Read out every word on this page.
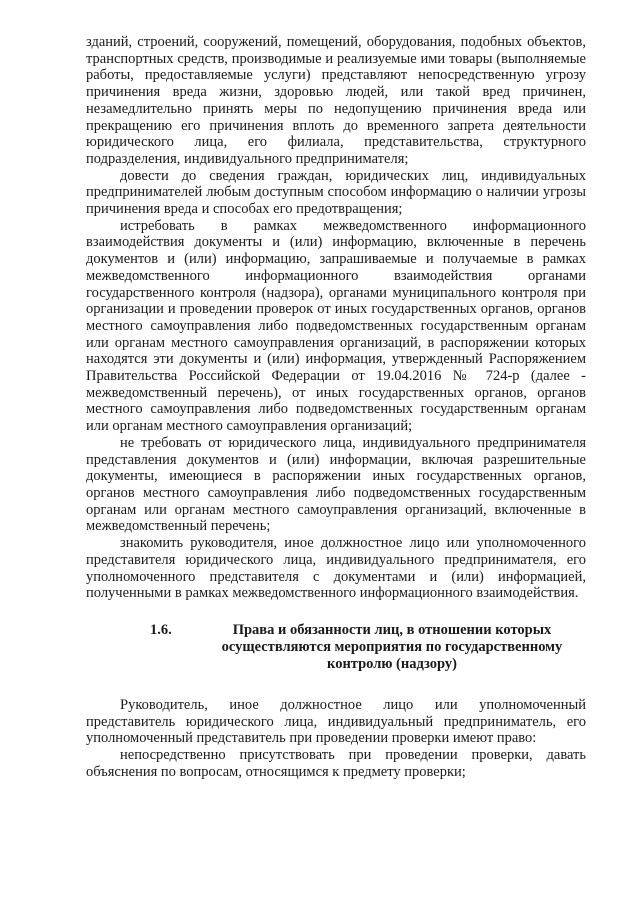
зданий, строений, сооружений, помещений, оборудования, подобных объектов, транспортных средств, производимые и реализуемые ими товары (выполняемые работы, предоставляемые услуги) представляют непосредственную угрозу причинения вреда жизни, здоровью людей, или такой вред причинен, незамедлительно принять меры по недопущению причинения вреда или прекращению его причинения вплоть до временного запрета деятельности юридического лица, его филиала, представительства, структурного подразделения, индивидуального предпринимателя;

довести до сведения граждан, юридических лиц, индивидуальных предпринимателей любым доступным способом информацию о наличии угрозы причинения вреда и способах его предотвращения;

истребовать в рамках межведомственного информационного взаимодействия документы и (или) информацию, включенные в перечень документов и (или) информацию, запрашиваемые и получаемые в рамках межведомственного информационного взаимодействия органами государственного контроля (надзора), органами муниципального контроля при организации и проведении проверок от иных государственных органов, органов местного самоуправления либо подведомственных государственным органам или органам местного самоуправления организаций, в распоряжении которых находятся эти документы и (или) информация, утвержденный Распоряжением Правительства Российской Федерации от 19.04.2016 № 724-р (далее - межведомственный перечень), от иных государственных органов, органов местного самоуправления либо подведомственных государственным органам или органам местного самоуправления организаций;

не требовать от юридического лица, индивидуального предпринимателя представления документов и (или) информации, включая разрешительные документы, имеющиеся в распоряжении иных государственных органов, органов местного самоуправления либо подведомственных государственным органам или органам местного самоуправления организаций, включенные в межведомственный перечень;

знакомить руководителя, иное должностное лицо или уполномоченного представителя юридического лица, индивидуального предпринимателя, его уполномоченного представителя с документами и (или) информацией, полученными в рамках межведомственного информационного взаимодействия.

1.6.	Права и обязанности лиц, в отношении которых осуществляются мероприятия по государственному контролю (надзору)

Руководитель, иное должностное лицо или уполномоченный представитель юридического лица, индивидуальный предприниматель, его уполномоченный представитель при проведении проверки имеют право:

непосредственно присутствовать при проведении проверки, давать объяснения по вопросам, относящимся к предмету проверки;
